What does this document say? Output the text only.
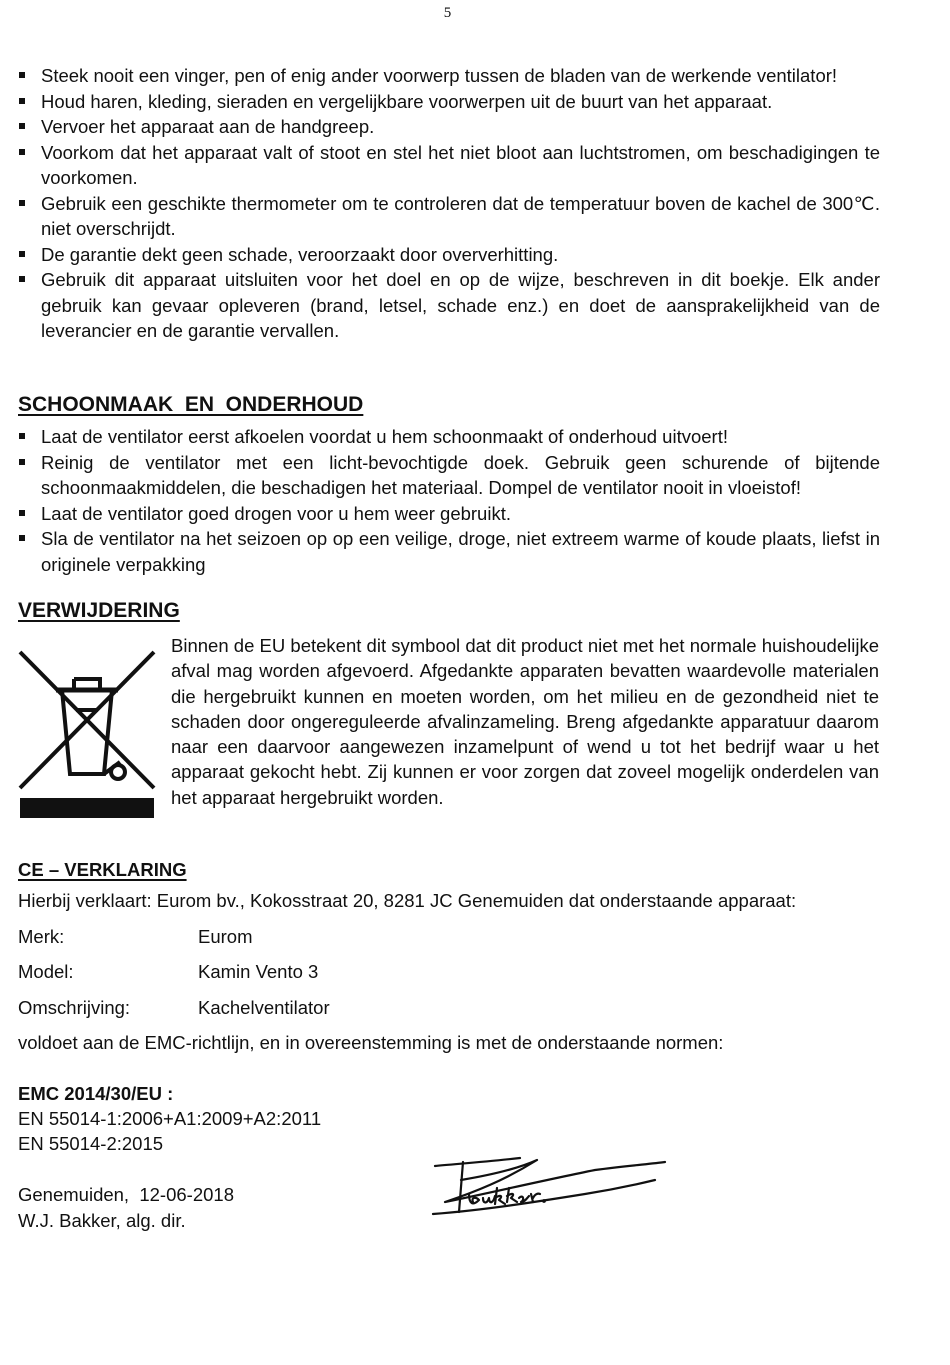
5
Steek nooit een vinger, pen of enig ander voorwerp tussen de bladen van de werkende ventilator!
Houd haren, kleding, sieraden en vergelijkbare voorwerpen uit de buurt van het apparaat.
Vervoer het apparaat aan de handgreep.
Voorkom dat het apparaat valt of stoot en stel het niet bloot aan luchtstromen, om beschadigingen te voorkomen.
Gebruik een geschikte thermometer om te controleren dat de temperatuur boven de kachel de 300℃. niet overschrijdt.
De garantie dekt geen schade, veroorzaakt door oververhitting.
Gebruik dit apparaat uitsluiten voor het doel en op de wijze, beschreven in dit boekje. Elk ander gebruik kan gevaar opleveren (brand, letsel, schade enz.) en doet de aansprakelijkheid van de leverancier en de garantie vervallen.
SCHOONMAAK  EN  ONDERHOUD
Laat de ventilator eerst afkoelen voordat u hem schoonmaakt of onderhoud uitvoert!
Reinig de ventilator met een licht-bevochtigde doek. Gebruik geen schurende of bijtende schoonmaakmiddelen, die beschadigen het materiaal. Dompel de ventilator nooit in vloeistof!
Laat de ventilator goed drogen voor u hem weer gebruikt.
Sla de ventilator na het seizoen op op een veilige, droge, niet extreem warme of koude plaats, liefst in originele verpakking
VERWIJDERING

Binnen de EU betekent dit symbool dat dit product niet met het normale huishoudelijke afval mag worden afgevoerd. Afgedankte apparaten bevatten waardevolle materialen die hergebruikt kunnen en moeten worden, om het milieu en de gezondheid niet te schaden door ongereguleerde afvalinzameling. Breng afgedankte apparatuur daarom naar een daarvoor aangewezen inzamelpunt of wend u tot het bedrijf waar u het apparaat gekocht hebt. Zij kunnen er voor zorgen dat zoveel mogelijk onderdelen van het apparaat hergebruikt worden.

CE – VERKLARING

Hierbij verklaart: Eurom bv., Kokosstraat 20, 8281 JC Genemuiden dat onderstaande apparaat:

Merk:	Eurom
Model:	Kamin Vento 3
Omschrijving:	Kachelventilator

voldoet aan de EMC-richtlijn, en in overeenstemming is met de onderstaande normen:

EMC 2014/30/EU :

EN 55014-1:2006+A1:2009+A2:2011

EN 55014-2:2015

Genemuiden,  12-06-2018

W.J. Bakker, alg. dir.
